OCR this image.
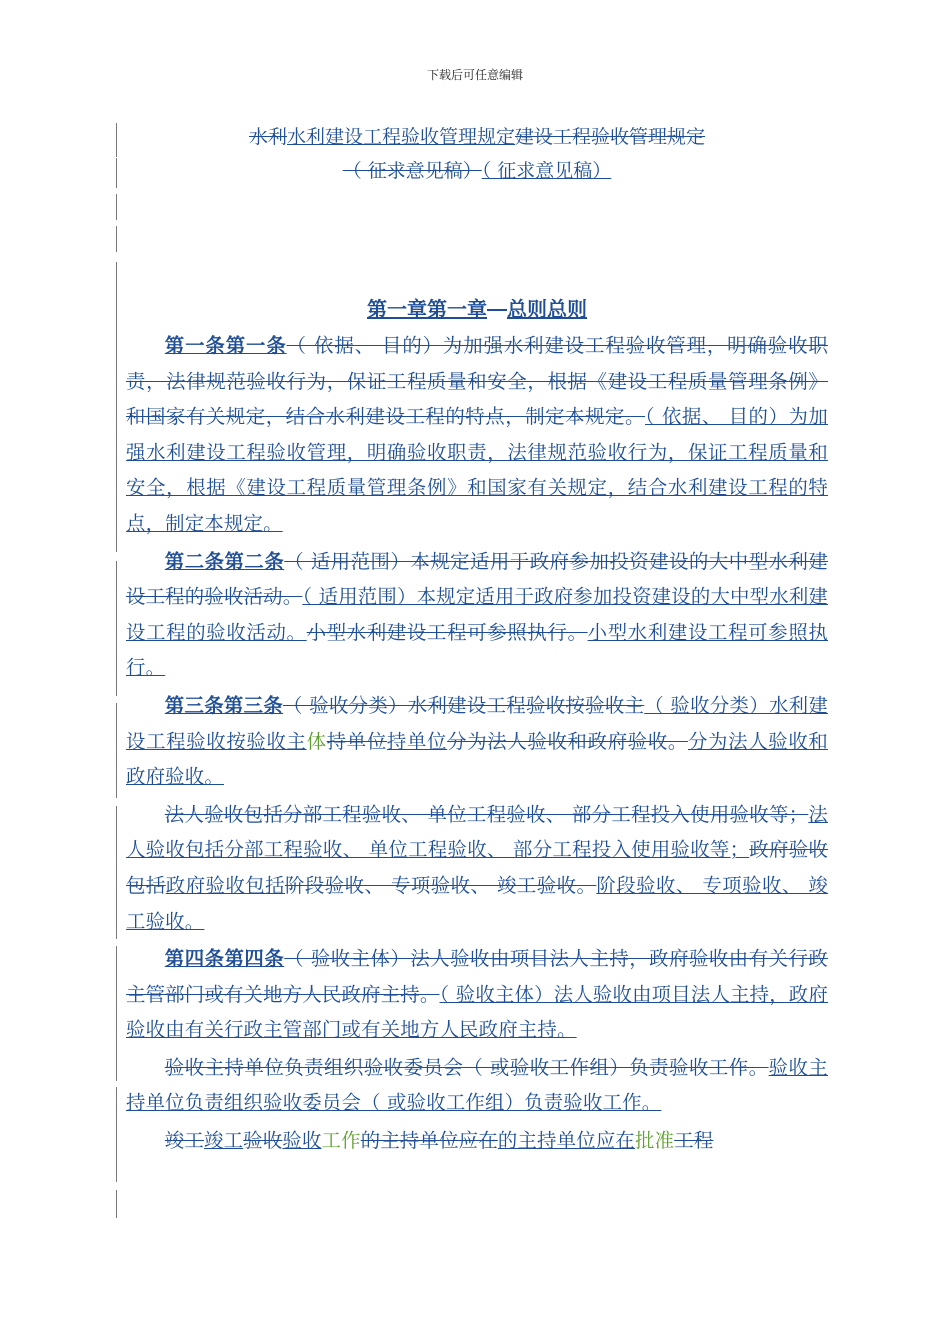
下载后可任意编辑
水利水利建设工程验收管理规定建设工程验收管理规定
（ 征求意见稿）（ 征求意见稿）
第一章第一章　 总则总则

第一条第一条（ 依据、 目的）为加强水利建设工程验收管理，明确验收职责，法律规范验收行为，保证工程质量和安全，根据《建设工程质量管理条例》和国家有关规定，结合水利建设工程的特点，制定本规定。（ 依据、 目的）为加强水利建设工程验收管理，明确验收职责，法律规范验收行为，保证工程质量和安全，根据《建设工程质量管理条例》和国家有关规定，结合水利建设工程的特点，制定本规定。

第二条第二条（ 适用范围）本规定适用于政府参加投资建设的大中型水利建设工程的验收活动。（ 适用范围）本规定适用于政府参加投资建设的大中型水利建设工程的验收活动。小型水利建设工程可参照执行。小型水利建设工程可参照执行。

第三条第三条（ 验收分类）水利建设工程验收按验收主（ 验收分类）水利建设工程验收按验收主体持单位持单位分为法人验收和政府验收。分为法人验收和政府验收。

法人验收包括分部工程验收、 单位工程验收、 部分工程投入使用验收等；法人验收包括分部工程验收、 单位工程验收、 部分工程投入使用验收等；政府验收包括政府验收包括阶段验收、 专项验收、 竣工验收。阶段验收、 专项验收、 竣工验收。

第四条第四条（ 验收主体）法人验收由项目法人主持，政府验收由有关行政主管部门或有关地方人民政府主持。（ 验收主体）法人验收由项目法人主持，政府验收由有关行政主管部门或有关地方人民政府主持。

验收主持单位负责组织验收委员会（ 或验收工作组）负责验收工作。验收主持单位负责组织验收委员会（ 或验收工作组）负责验收工作。

竣工竣工验收验收工作的主持单位应在的主持单位应在批准工程
